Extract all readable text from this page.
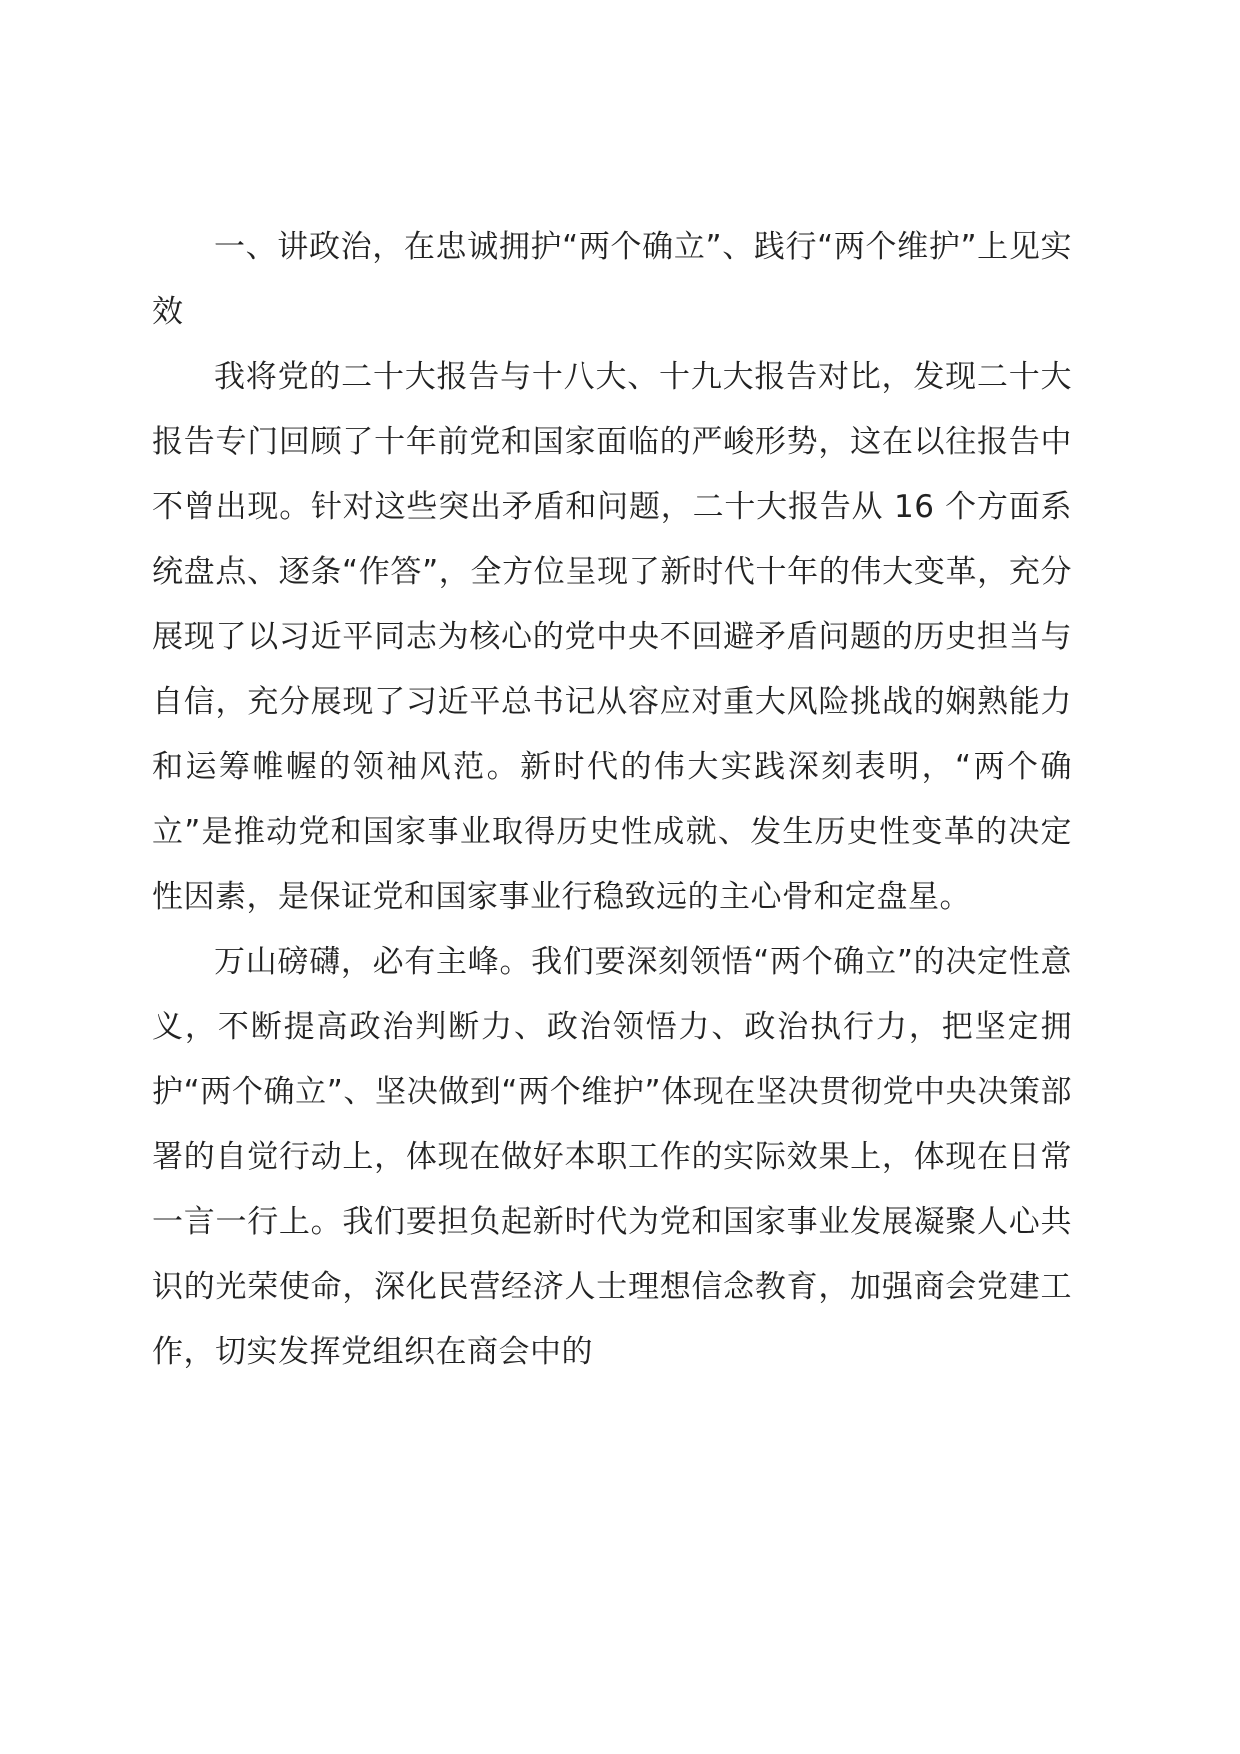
一、讲政治，在忠诚拥护“两个确立”、践行“两个维护”上见实效

我将党的二十大报告与十八大、十九大报告对比，发现二十大报告专门回顾了十年前党和国家面临的严峻形势，这在以往报告中不曾出现。针对这些突出矛盾和问题，二十大报告从 16 个方面系统盘点、逐条“作答”，全方位呈现了新时代十年的伟大变革，充分展现了以习近平同志为核心的党中央不回避矛盾问题的历史担当与自信，充分展现了习近平总书记从容应对重大风险挑战的娴熟能力和运筹帷幄的领袖风范。新时代的伟大实践深刻表明，“两个确立”是推动党和国家事业取得历史性成就、发生历史性变革的决定性因素，是保证党和国家事业行稳致远的主心骨和定盘星。

万山磅礴，必有主峰。我们要深刻领悟“两个确立”的决定性意义，不断提高政治判断力、政治领悟力、政治执行力，把坚定拥护“两个确立”、坚决做到“两个维护”体现在坚决贯彻党中央决策部署的自觉行动上，体现在做好本职工作的实际效果上，体现在日常一言一行上。我们要担负起新时代为党和国家事业发展凝聚人心共识的光荣使命，深化民营经济人士理想信念教育，加强商会党建工作，切实发挥党组织在商会中的
